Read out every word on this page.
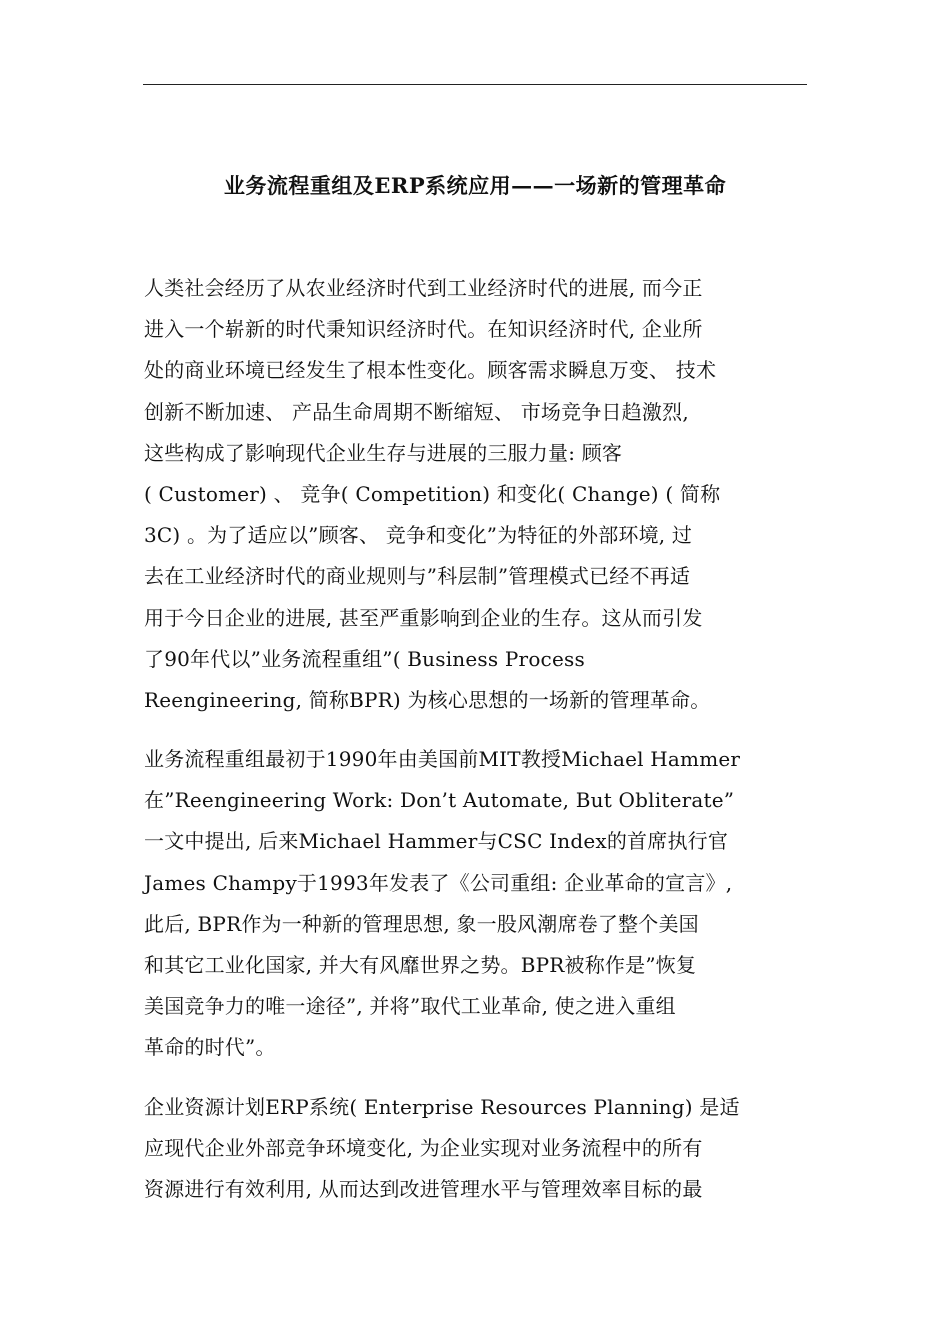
业务流程重组及ERP系统应用——一场新的管理革命
人类社会经历了从农业经济时代到工业经济时代的进展, 而今正
进入一个崭新的时代秉知识经济时代。在知识经济时代, 企业所
处的商业环境已经发生了根本性变化。顾客需求瞬息万变、 技术
创新不断加速、 产品生命周期不断缩短、 市场竞争日趋激烈,
这些构成了影响现代企业生存与进展的三服力量: 顾客
( Customer) 、 竞争( Competition) 和变化( Change) ( 简称
3C) 。为了适应以”顾客、 竞争和变化”为特征的外部环境, 过
去在工业经济时代的商业规则与”科层制”管理模式已经不再适
用于今日企业的进展, 甚至严重影响到企业的生存。这从而引发
了90年代以”业务流程重组”( Business Process
Reengineering, 简称BPR) 为核心思想的一场新的管理革命。
业务流程重组最初于1990年由美国前MIT教授Michael Hammer
在”Reengineering Work: Don’t Automate, But Obliterate”
一文中提出, 后来Michael Hammer与CSC Index的首席执行官
James Champy于1993年发表了《公司重组: 企业革命的宣言》,
此后, BPR作为一种新的管理思想, 象一股风潮席卷了整个美国
和其它工业化国家, 并大有风靡世界之势。BPR被称作是”恢复
美国竞争力的唯一途径”, 并将”取代工业革命, 使之进入重组
革命的时代”。
企业资源计划ERP系统( Enterprise Resources Planning) 是适
应现代企业外部竞争环境变化, 为企业实现对业务流程中的所有
资源进行有效利用, 从而达到改进管理水平与管理效率目标的最
